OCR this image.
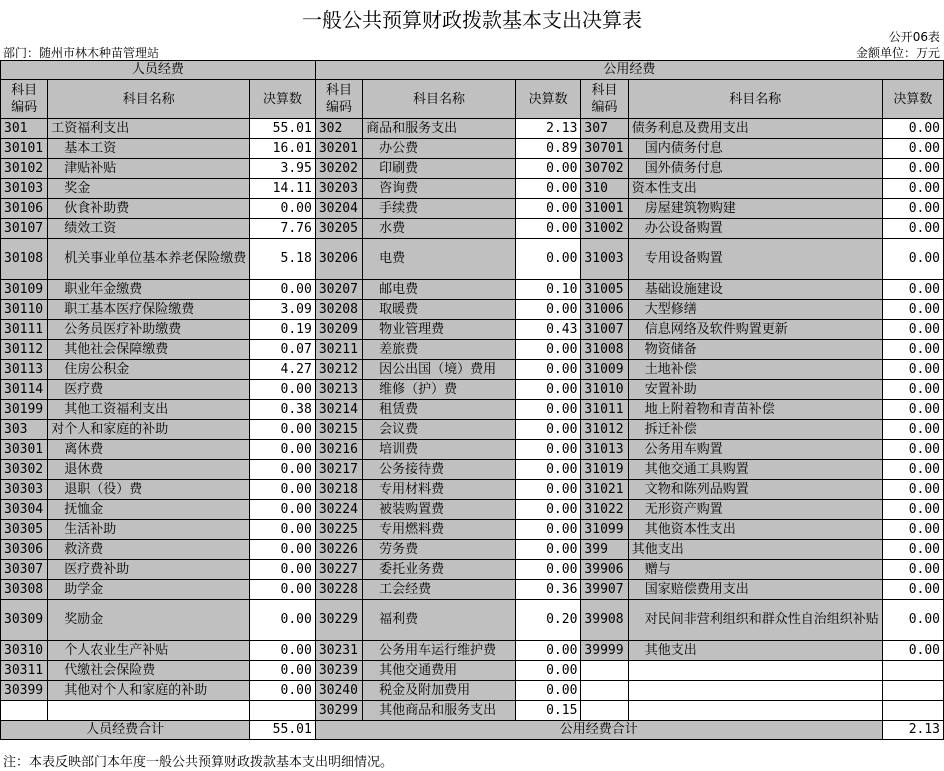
一般公共预算财政拨款基本支出决算表
公开06表
部门：随州市林木种苗管理站	金额单位：万元
人员经费			公用经费					
科目
编码	科目名称	决算数	科目
编码	科目名称	决算数	科目
编码	科目名称	决算数
301	工资福利支出	55.01	302	商品和服务支出	2.13	307	债务利息及费用支出	0.00
30101	基本工资	16.01	30201	办公费	0.89	30701	国内债务付息	0.00
30102	津贴补贴	3.95	30202	印刷费	0.00	30702	国外债务付息	0.00
30103	奖金	14.11	30203	咨询费	0.00	310	资本性支出	0.00
30106	伙食补助费	0.00	30204	手续费	0.00	31001	房屋建筑物购建	0.00
30107	绩效工资	7.76	30205	水费	0.00	31002	办公设备购置	0.00
30108	机关事业单位基本养老保险缴费	5.18	30206	电费	0.00	31003	专用设备购置	0.00
30109	职业年金缴费	0.00	30207	邮电费	0.10	31005	基础设施建设	0.00
30110	职工基本医疗保险缴费	3.09	30208	取暖费	0.00	31006	大型修缮	0.00
30111	公务员医疗补助缴费	0.19	30209	物业管理费	0.43	31007	信息网络及软件购置更新	0.00
30112	其他社会保障缴费	0.07	30211	差旅费	0.00	31008	物资储备	0.00
30113	住房公积金	4.27	30212	因公出国（境）费用	0.00	31009	土地补偿	0.00
30114	医疗费	0.00	30213	维修（护）费	0.00	31010	安置补助	0.00
30199	其他工资福利支出	0.38	30214	租赁费	0.00	31011	地上附着物和青苗补偿	0.00
303	对个人和家庭的补助	0.00	30215	会议费	0.00	31012	拆迁补偿	0.00
30301	离休费	0.00	30216	培训费	0.00	31013	公务用车购置	0.00
30302	退休费	0.00	30217	公务接待费	0.00	31019	其他交通工具购置	0.00
30303	退职（役）费	0.00	30218	专用材料费	0.00	31021	文物和陈列品购置	0.00
30304	抚恤金	0.00	30224	被装购置费	0.00	31022	无形资产购置	0.00
30305	生活补助	0.00	30225	专用燃料费	0.00	31099	其他资本性支出	0.00
30306	救济费	0.00	30226	劳务费	0.00	399	其他支出	0.00
30307	医疗费补助	0.00	30227	委托业务费	0.00	39906	赠与	0.00
30308	助学金	0.00	30228	工会经费	0.36	39907	国家赔偿费用支出	0.00
30309	奖励金	0.00	30229	福利费	0.20	39908	对民间非营利组织和群众性自治组织补贴	0.00
30310	个人农业生产补贴	0.00	30231	公务用车运行维护费	0.00	39999	其他支出	0.00
30311	代缴社会保险费	0.00	30239	其他交通费用	0.00			
30399	其他对个人和家庭的补助	0.00	30240	税金及附加费用	0.00			
			30299	其他商品和服务支出	0.15			
人员经费合计		55.01	公用经费合计					2.13
注：本表反映部门本年度一般公共预算财政拨款基本支出明细情况。
